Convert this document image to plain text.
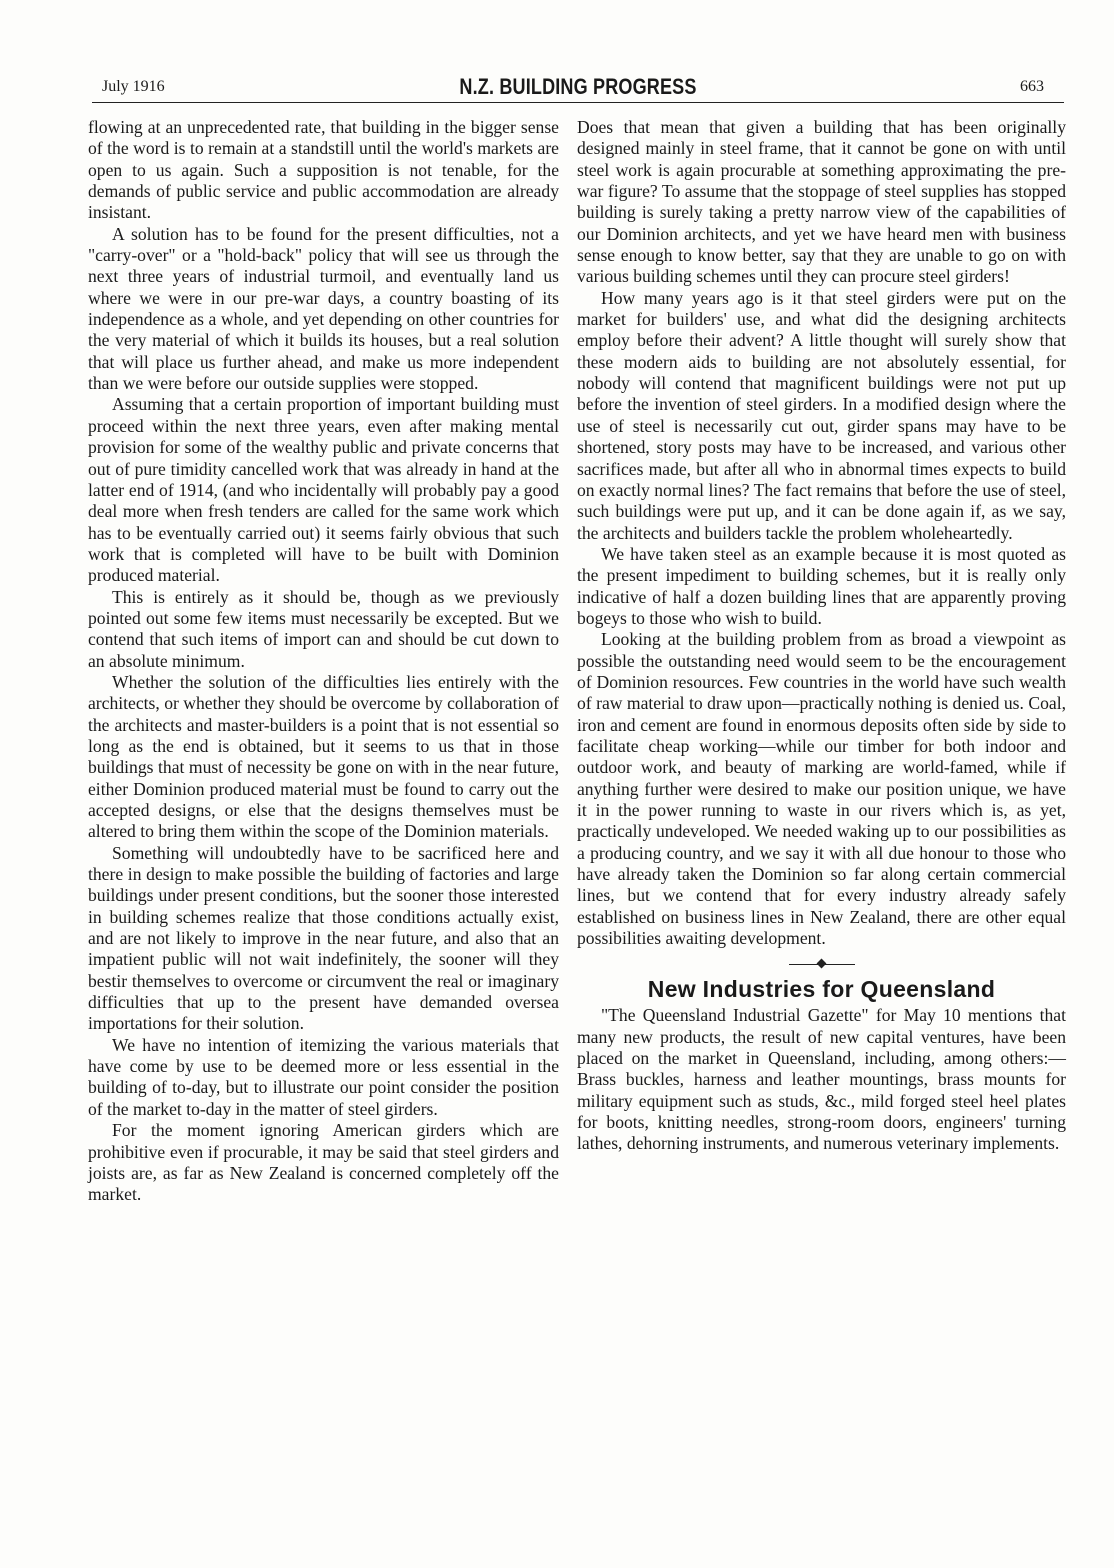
July 1916	N.Z. BUILDING PROGRESS	663

flowing at an unprecedented rate, that building in the bigger sense of the word is to remain at a standstill until the world's markets are open to us again. Such a supposition is not tenable, for the demands of public service and public accommodation are already insistant.

A solution has to be found for the present difficulties, not a "carry-over" or a "hold-back" policy that will see us through the next three years of industrial turmoil, and eventually land us where we were in our pre-war days, a country boasting of its independence as a whole, and yet depending on other countries for the very material of which it builds its houses, but a real solution that will place us further ahead, and make us more independent than we were before our outside supplies were stopped.

Assuming that a certain proportion of important building must proceed within the next three years, even after making mental provision for some of the wealthy public and private concerns that out of pure timidity cancelled work that was already in hand at the latter end of 1914, (and who incidentally will probably pay a good deal more when fresh tenders are called for the same work which has to be eventually carried out) it seems fairly obvious that such work that is completed will have to be built with Dominion produced material.

This is entirely as it should be, though as we previously pointed out some few items must necessarily be excepted. But we contend that such items of import can and should be cut down to an absolute minimum.

Whether the solution of the difficulties lies entirely with the architects, or whether they should be overcome by collaboration of the architects and master-builders is a point that is not essential so long as the end is obtained, but it seems to us that in those buildings that must of necessity be gone on with in the near future, either Dominion produced material must be found to carry out the accepted designs, or else that the designs themselves must be altered to bring them within the scope of the Dominion materials.

Something will undoubtedly have to be sacrificed here and there in design to make possible the building of factories and large buildings under present conditions, but the sooner those interested in building schemes realize that those conditions actually exist, and are not likely to improve in the near future, and also that an impatient public will not wait indefinitely, the sooner will they bestir themselves to overcome or circumvent the real or imaginary difficulties that up to the present have demanded oversea importations for their solution.

We have no intention of itemizing the various materials that have come by use to be deemed more or less essential in the building of to-day, but to illustrate our point consider the position of the market to-day in the matter of steel girders.

For the moment ignoring American girders which are prohibitive even if procurable, it may be said that steel girders and joists are, as far as New Zealand is concerned completely off the market.

Does that mean that given a building that has been originally designed mainly in steel frame, that it cannot be gone on with until steel work is again procurable at something approximating the pre-war figure? To assume that the stoppage of steel supplies has stopped building is surely taking a pretty narrow view of the capabilities of our Dominion architects, and yet we have heard men with business sense enough to know better, say that they are unable to go on with various building schemes until they can procure steel girders!

How many years ago is it that steel girders were put on the market for builders' use, and what did the designing architects employ before their advent? A little thought will surely show that these modern aids to building are not absolutely essential, for nobody will contend that magnificent buildings were not put up before the invention of steel girders. In a modified design where the use of steel is necessarily cut out, girder spans may have to be shortened, story posts may have to be increased, and various other sacrifices made, but after all who in abnormal times expects to build on exactly normal lines? The fact remains that before the use of steel, such buildings were put up, and it can be done again if, as we say, the architects and builders tackle the problem wholeheartedly.

We have taken steel as an example because it is most quoted as the present impediment to building schemes, but it is really only indicative of half a dozen building lines that are apparently proving bogeys to those who wish to build.

Looking at the building problem from as broad a viewpoint as possible the outstanding need would seem to be the encouragement of Dominion resources. Few countries in the world have such wealth of raw material to draw upon—practically nothing is denied us. Coal, iron and cement are found in enormous deposits often side by side to facilitate cheap working—while our timber for both indoor and outdoor work, and beauty of marking are world-famed, while if anything further were desired to make our position unique, we have it in the power running to waste in our rivers which is, as yet, practically undeveloped. We needed waking up to our possibilities as a producing country, and we say it with all due honour to those who have already taken the Dominion so far along certain commercial lines, but we contend that for every industry already safely established on business lines in New Zealand, there are other equal possibilities awaiting development.

New Industries for Queensland

"The Queensland Industrial Gazette" for May 10 mentions that many new products, the result of new capital ventures, have been placed on the market in Queensland, including, among others:—Brass buckles, harness and leather mountings, brass mounts for military equipment such as studs, &c., mild forged steel heel plates for boots, knitting needles, strong-room doors, engineers' turning lathes, dehorning instruments, and numerous veterinary implements.
